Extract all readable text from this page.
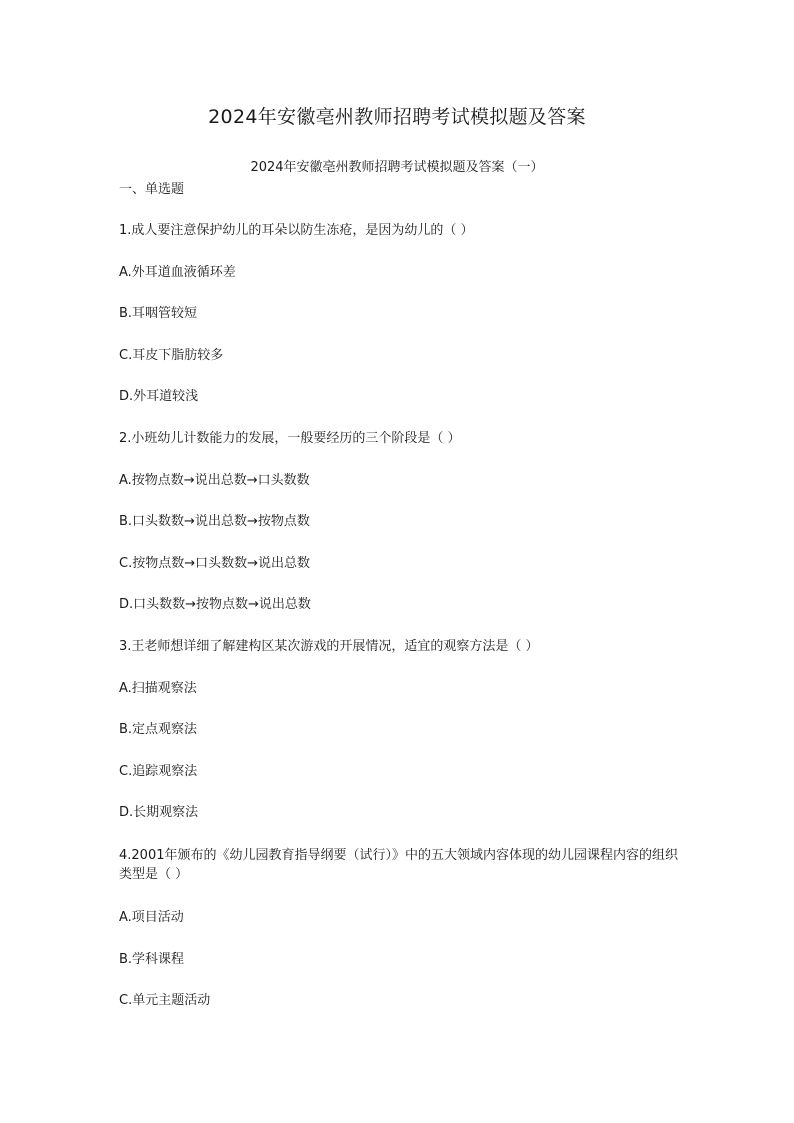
2024年安徽亳州教师招聘考试模拟题及答案
2024年安徽亳州教师招聘考试模拟题及答案（一）
一、单选题
1.成人要注意保护幼儿的耳朵以防生冻疮，是因为幼儿的（ ）
A.外耳道血液循环差
B.耳咽管较短
C.耳皮下脂肪较多
D.外耳道较浅
2.小班幼儿计数能力的发展，一般要经历的三个阶段是（ ）
A.按物点数→说出总数→口头数数
B.口头数数→说出总数→按物点数
C.按物点数→口头数数→说出总数
D.口头数数→按物点数→说出总数
3.王老师想详细了解建构区某次游戏的开展情况，适宜的观察方法是（ ）
A.扫描观察法
B.定点观察法
C.追踪观察法
D.长期观察法
4.2001年颁布的《幼儿园教育指导纲要（试行）》中的五大领域内容体现的幼儿园课程内容的组织类型是（ ）
A.项目活动
B.学科课程
C.单元主题活动
